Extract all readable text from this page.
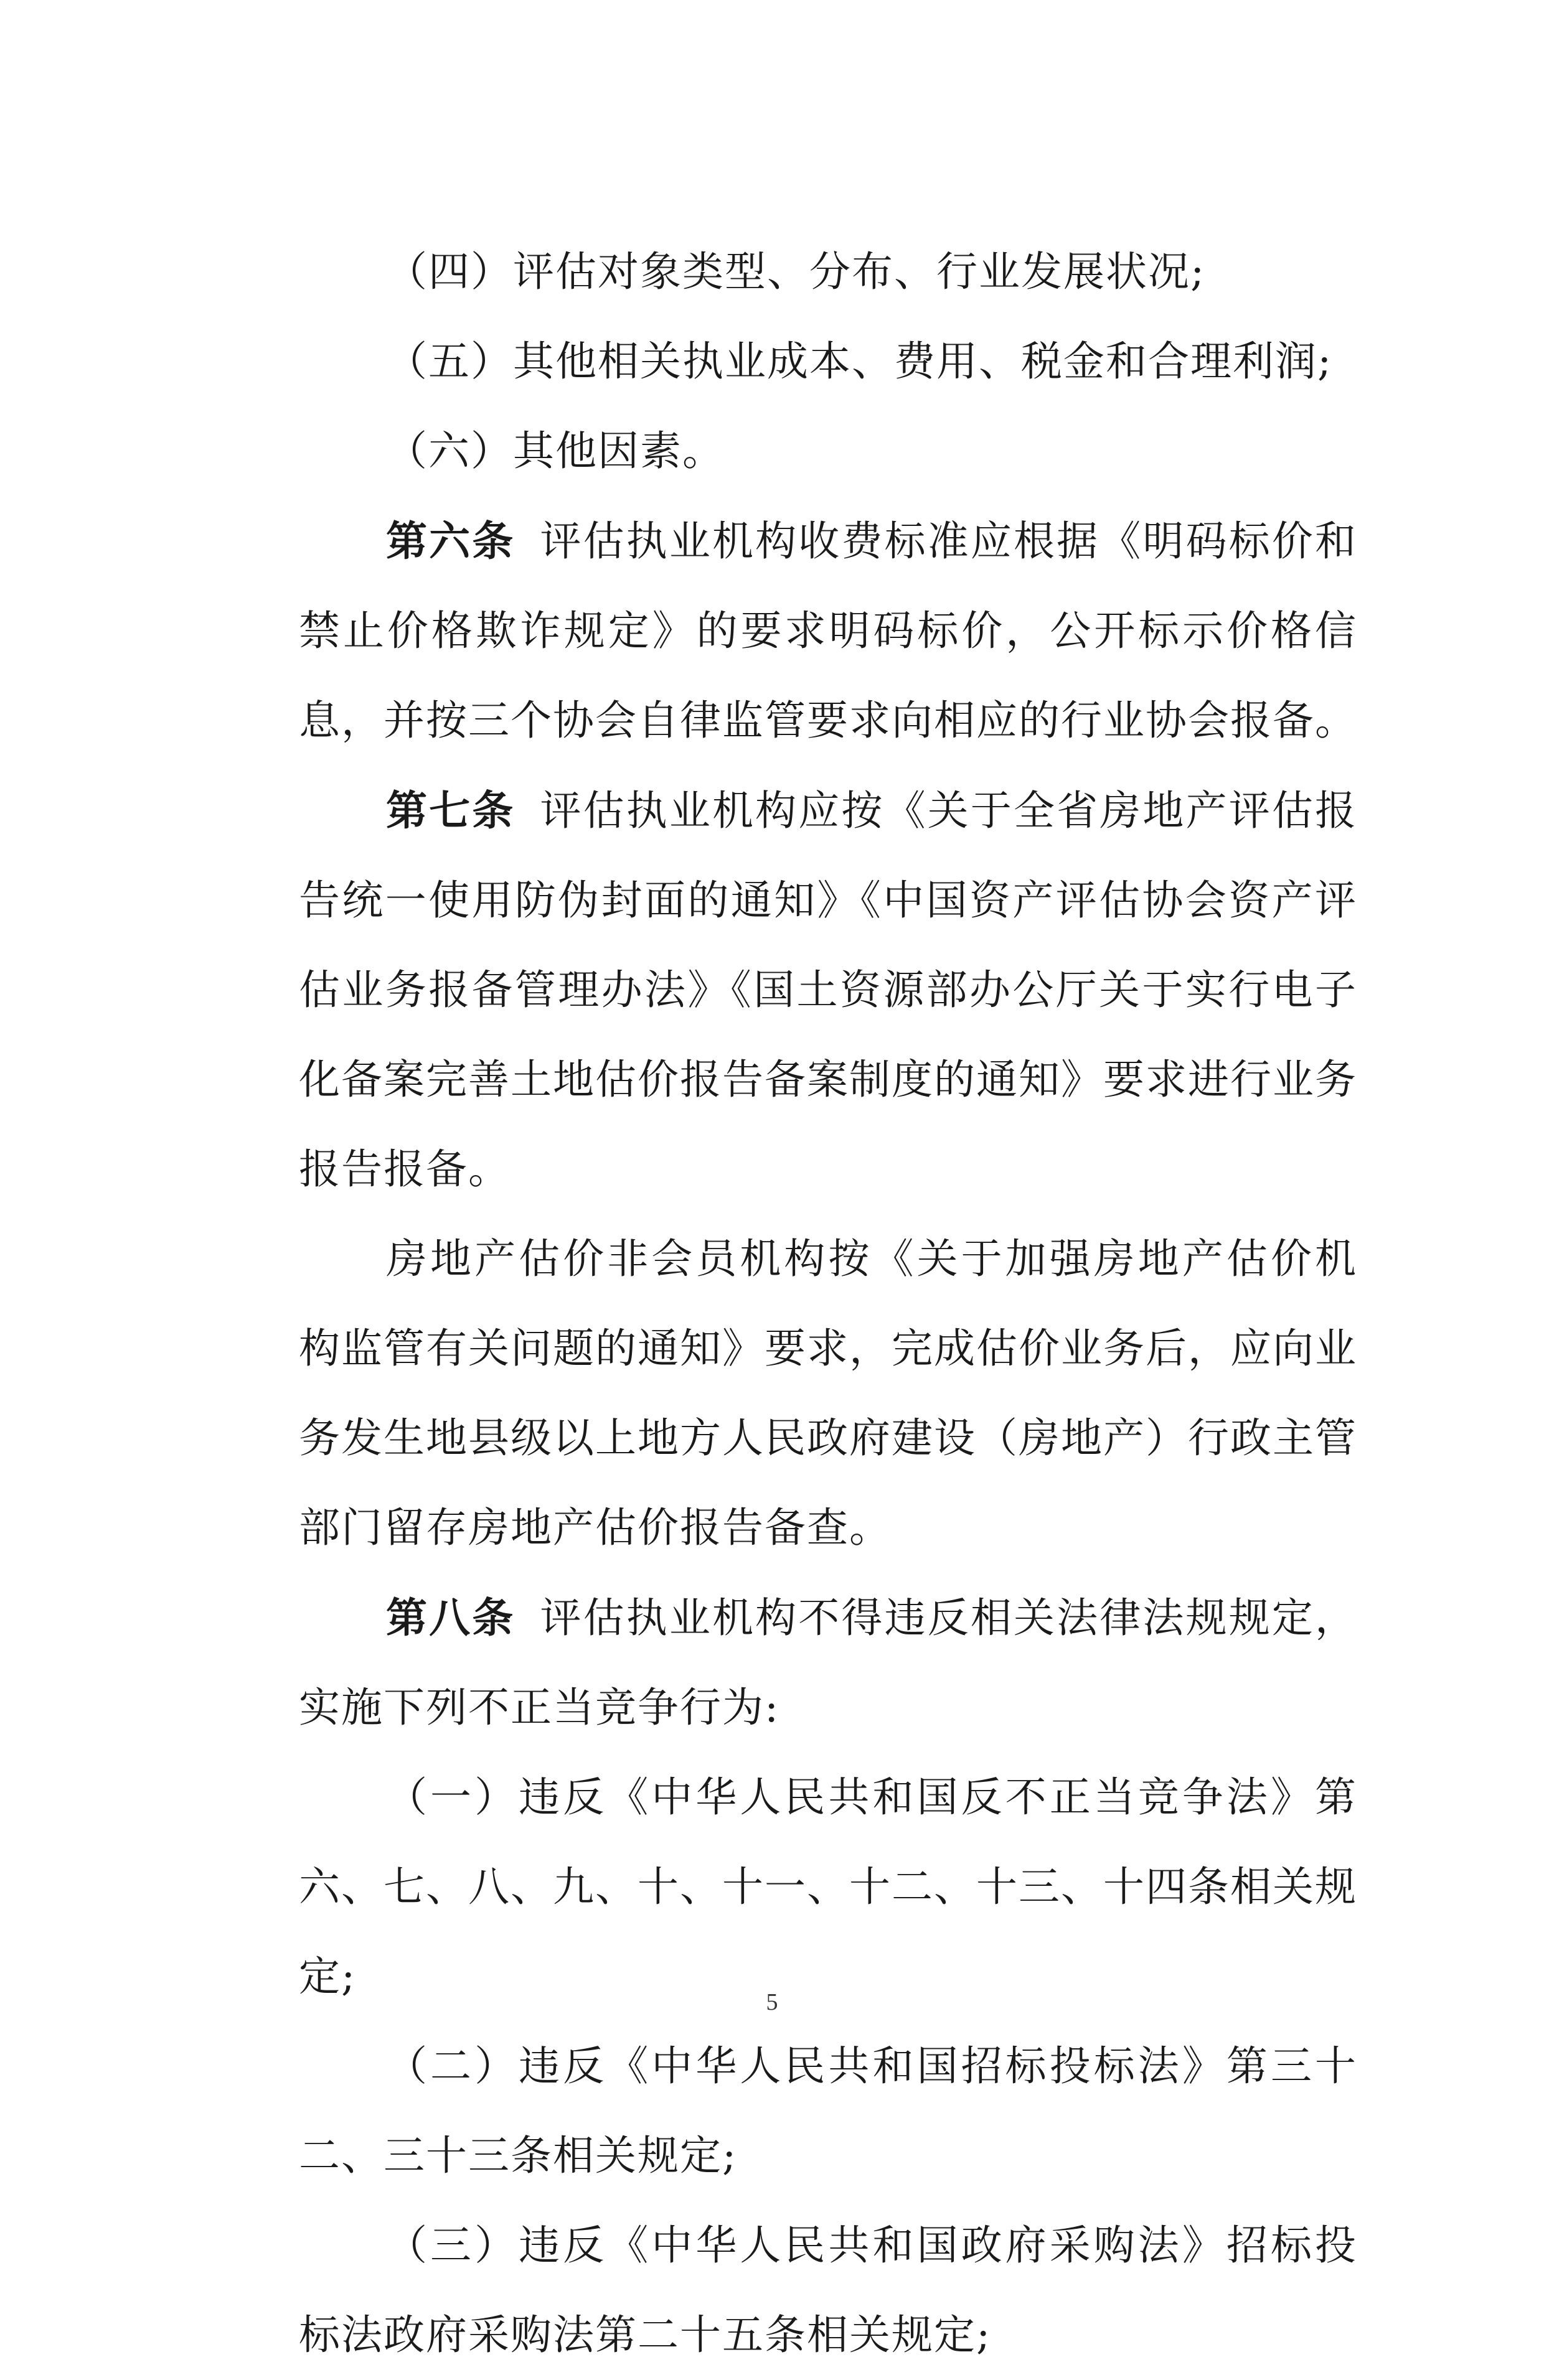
（四）评估对象类型、分布、行业发展状况;

（五）其他相关执业成本、费用、税金和合理利润;

（六）其他因素。

第六条 评估执业机构收费标准应根据《明码标价和禁止价格欺诈规定》的要求明码标价，公开标示价格信息，并按三个协会自律监管要求向相应的行业协会报备。

第七条 评估执业机构应按《关于全省房地产评估报告统一使用防伪封面的通知》《中国资产评估协会资产评估业务报备管理办法》《国土资源部办公厅关于实行电子化备案完善土地估价报告备案制度的通知》要求进行业务报告报备。

房地产估价非会员机构按《关于加强房地产估价机构监管有关问题的通知》要求，完成估价业务后，应向业务发生地县级以上地方人民政府建设（房地产）行政主管部门留存房地产估价报告备查。

第八条 评估执业机构不得违反相关法律法规规定，实施下列不正当竞争行为:

（一）违反《中华人民共和国反不正当竞争法》第六、七、八、九、十、十一、十二、十三、十四条相关规定;

（二）违反《中华人民共和国招标投标法》第三十二、三十三条相关规定;

（三）违反《中华人民共和国政府采购法》招标投标法政府采购法第二十五条相关规定;

5
